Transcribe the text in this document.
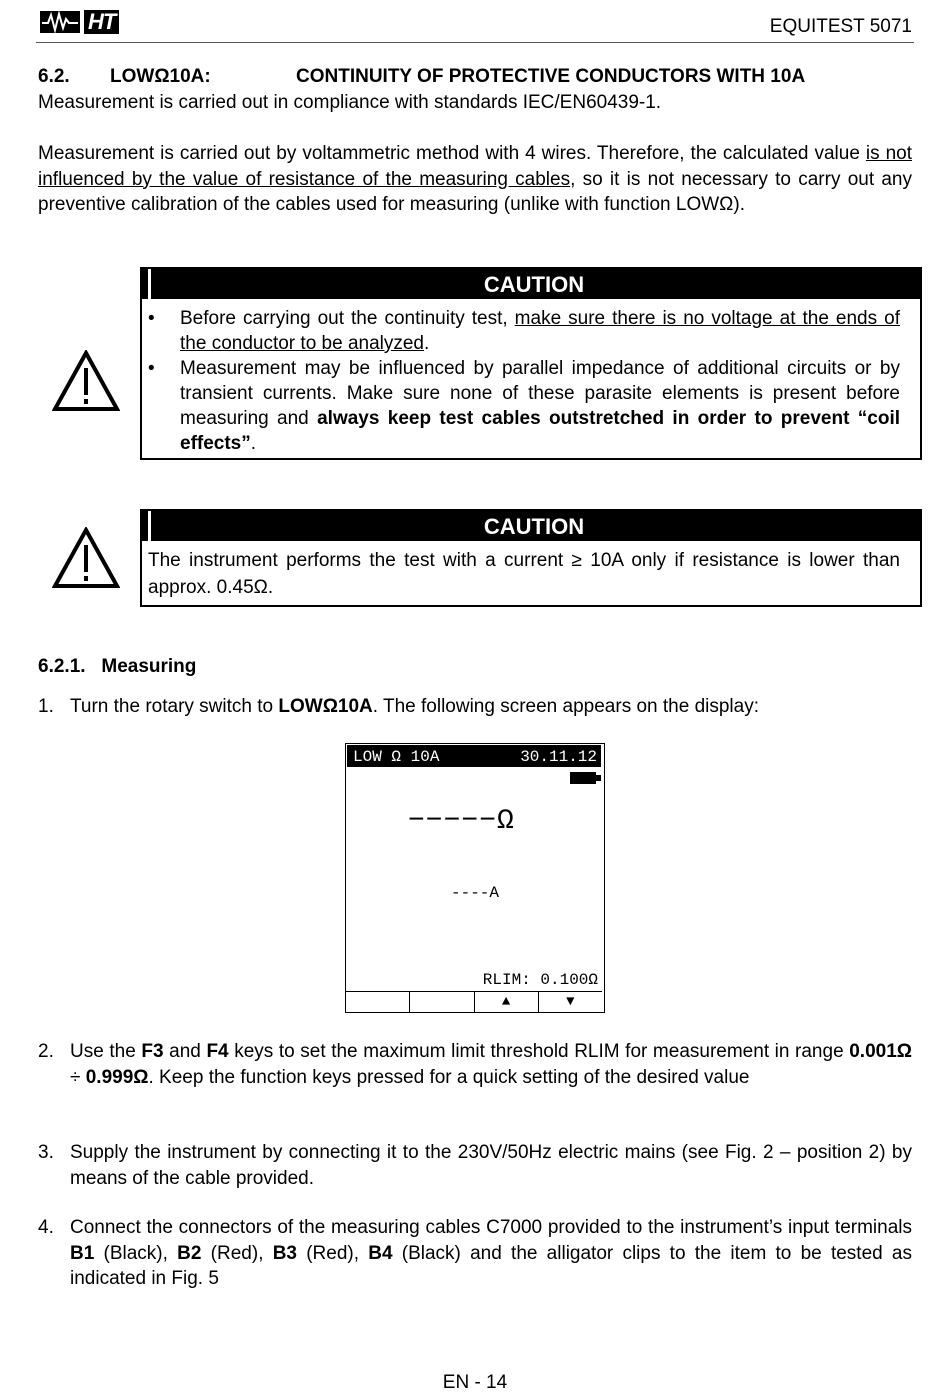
HT	EQUITEST 5071
6.2. LOWΩ10A:	CONTINUITY OF PROTECTIVE CONDUCTORS WITH 10A
Measurement is carried out in compliance with standards IEC/EN60439-1.
Measurement is carried out by voltammetric method with 4 wires. Therefore, the calculated value is not influenced by the value of resistance of the measuring cables, so it is not necessary to carry out any preventive calibration of the cables used for measuring (unlike with function LOWΩ).
CAUTION
• Before carrying out the continuity test, make sure there is no voltage at the ends of the conductor to be analyzed.
• Measurement may be influenced by parallel impedance of additional circuits or by transient currents. Make sure none of these parasite elements is present before measuring and always keep test cables outstretched in order to prevent “coil effects”.
CAUTION
The instrument performs the test with a current ≥ 10A only if resistance is lower than approx. 0.45Ω.
6.2.1.   Measuring
1. Turn the rotary switch to LOWΩ10A. The following screen appears on the display:
LOW Ω 10A	30.11.12
−−−−−Ω
----A
RLIM: 0.100Ω
▲	▼
2. Use the F3 and F4 keys to set the maximum limit threshold RLIM for measurement in range 0.001Ω ÷ 0.999Ω. Keep the function keys pressed for a quick setting of the desired value
3. Supply the instrument by connecting it to the 230V/50Hz electric mains (see Fig. 2 – position 2) by means of the cable provided.
4. Connect the connectors of the measuring cables C7000 provided to the instrument’s input terminals B1 (Black), B2 (Red), B3 (Red), B4 (Black) and the alligator clips to the item to be tested as indicated in Fig. 5
EN - 14
